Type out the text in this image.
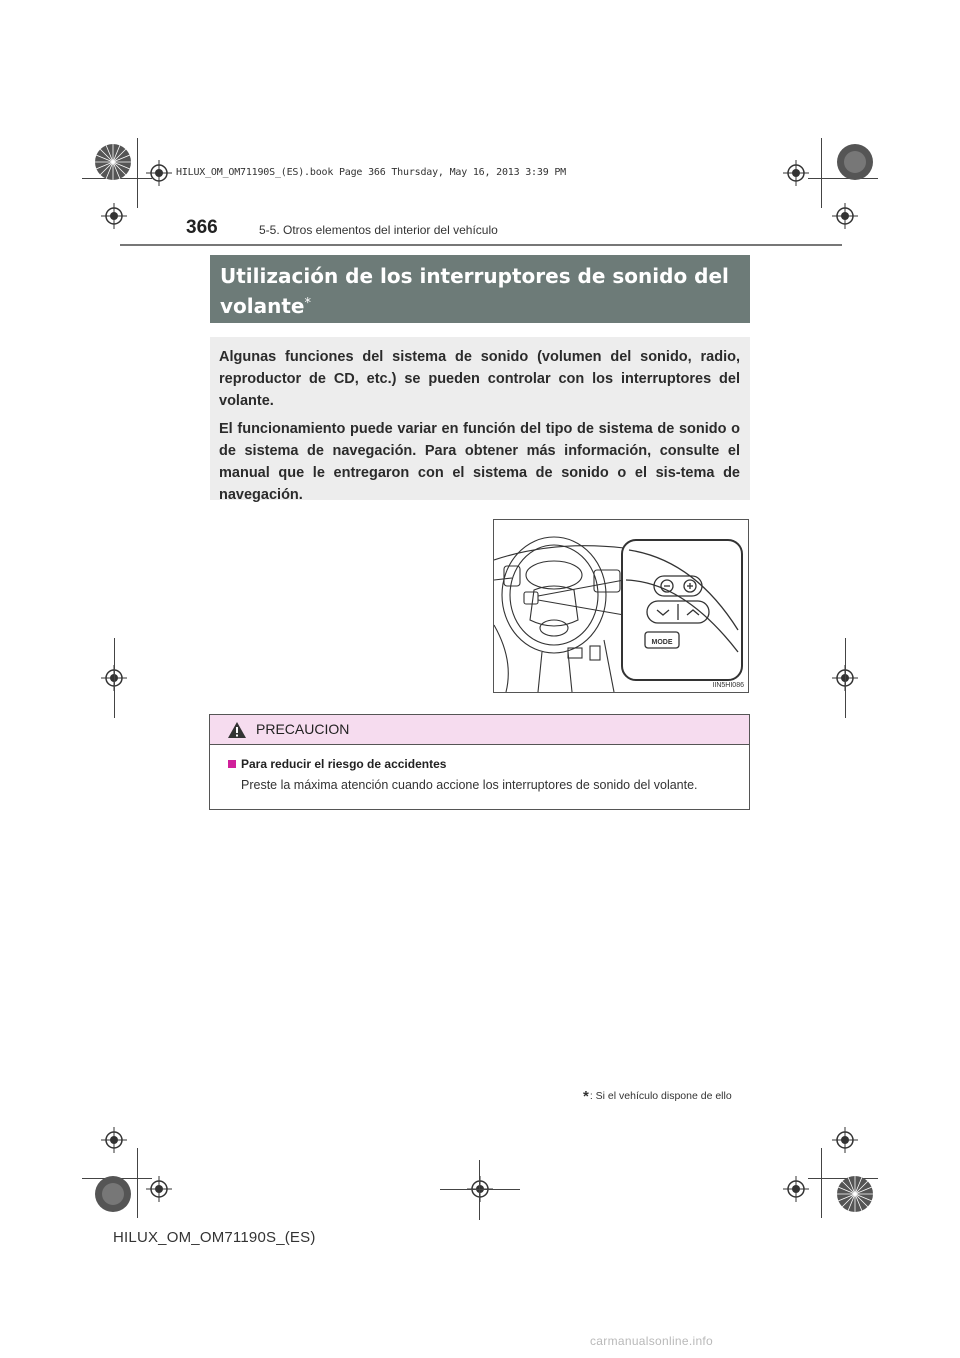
HILUX_OM_OM71190S_(ES).book Page 366 Thursday, May 16, 2013 3:39 PM
366	5-5. Otros elementos del interior del vehículo
Utilización de los interruptores de sonido del volante*

Algunas funciones del sistema de sonido (volumen del sonido, radio, reproductor de CD, etc.) se pueden controlar con los interruptores del volante.

El funcionamiento puede variar en función del tipo de sistema de sonido o de sistema de navegación. Para obtener más información, consulte el manual que le entregaron con el sistema de sonido o el sis-tema de navegación.

MODE
IIN5HI086
PRECAUCION
Para reducir el riesgo de accidentes
Preste la máxima atención cuando accione los interruptores de sonido del volante.
*: Si el vehículo dispone de ello
HILUX_OM_OM71190S_(ES)
carmanualsonline.info
